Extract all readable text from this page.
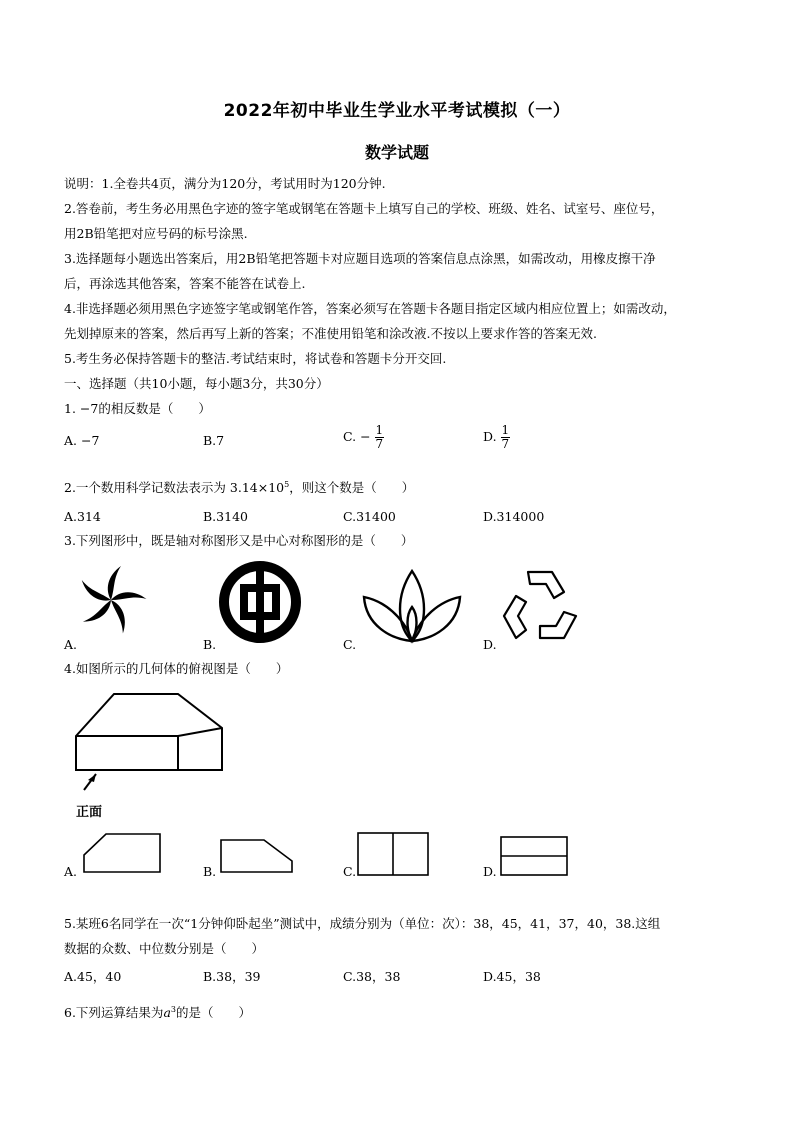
2022年初中毕业生学业水平考试模拟（一）
数学试题
说明：1.全卷共4页，满分为120分，考试用时为120分钟.
2.答卷前，考生务必用黑色字迹的签字笔或钢笔在答题卡上填写自己的学校、班级、姓名、试室号、座位号，
用2B铅笔把对应号码的标号涂黑.
3.选择题每小题选出答案后，用2B铅笔把答题卡对应题目选项的答案信息点涂黑，如需改动，用橡皮擦干净
后，再涂选其他答案，答案不能答在试卷上.
4.非选择题必须用黑色字迹签字笔或钢笔作答，答案必须写在答题卡各题目指定区域内相应位置上；如需改动，
先划掉原来的答案，然后再写上新的答案；不准使用铅笔和涂改液.不按以上要求作答的答案无效.
5.考生务必保持答题卡的整洁.考试结束时，将试卷和答题卡分开交回.
一、选择题（共10小题，每小题3分，共30分）
1. −7的相反数是（　　）
A. −7	B.7	C. − $\frac{1}{7}$	D. $\frac{1}{7}$
2.一个数用科学记数法表示为 $3.14\times 10^5$，则这个数是（　　）
A.314	B.3140	C.31400	D.314000
3.下列图形中，既是轴对称图形又是中心对称图形的是（　　）
A.	B.	C.	D.
4.如图所示的几何体的俯视图是（　　）
正面
A.	B.	C.	D.
5.某班6名同学在一次“1分钟仰卧起坐”测试中，成绩分别为（单位：次）：38，45，41，37，40，38.这组
数据的众数、中位数分别是（　　）
A.45，40	B.38，39	C.38，38	D.45，38
6.下列运算结果为$a^3$的是（　　）
